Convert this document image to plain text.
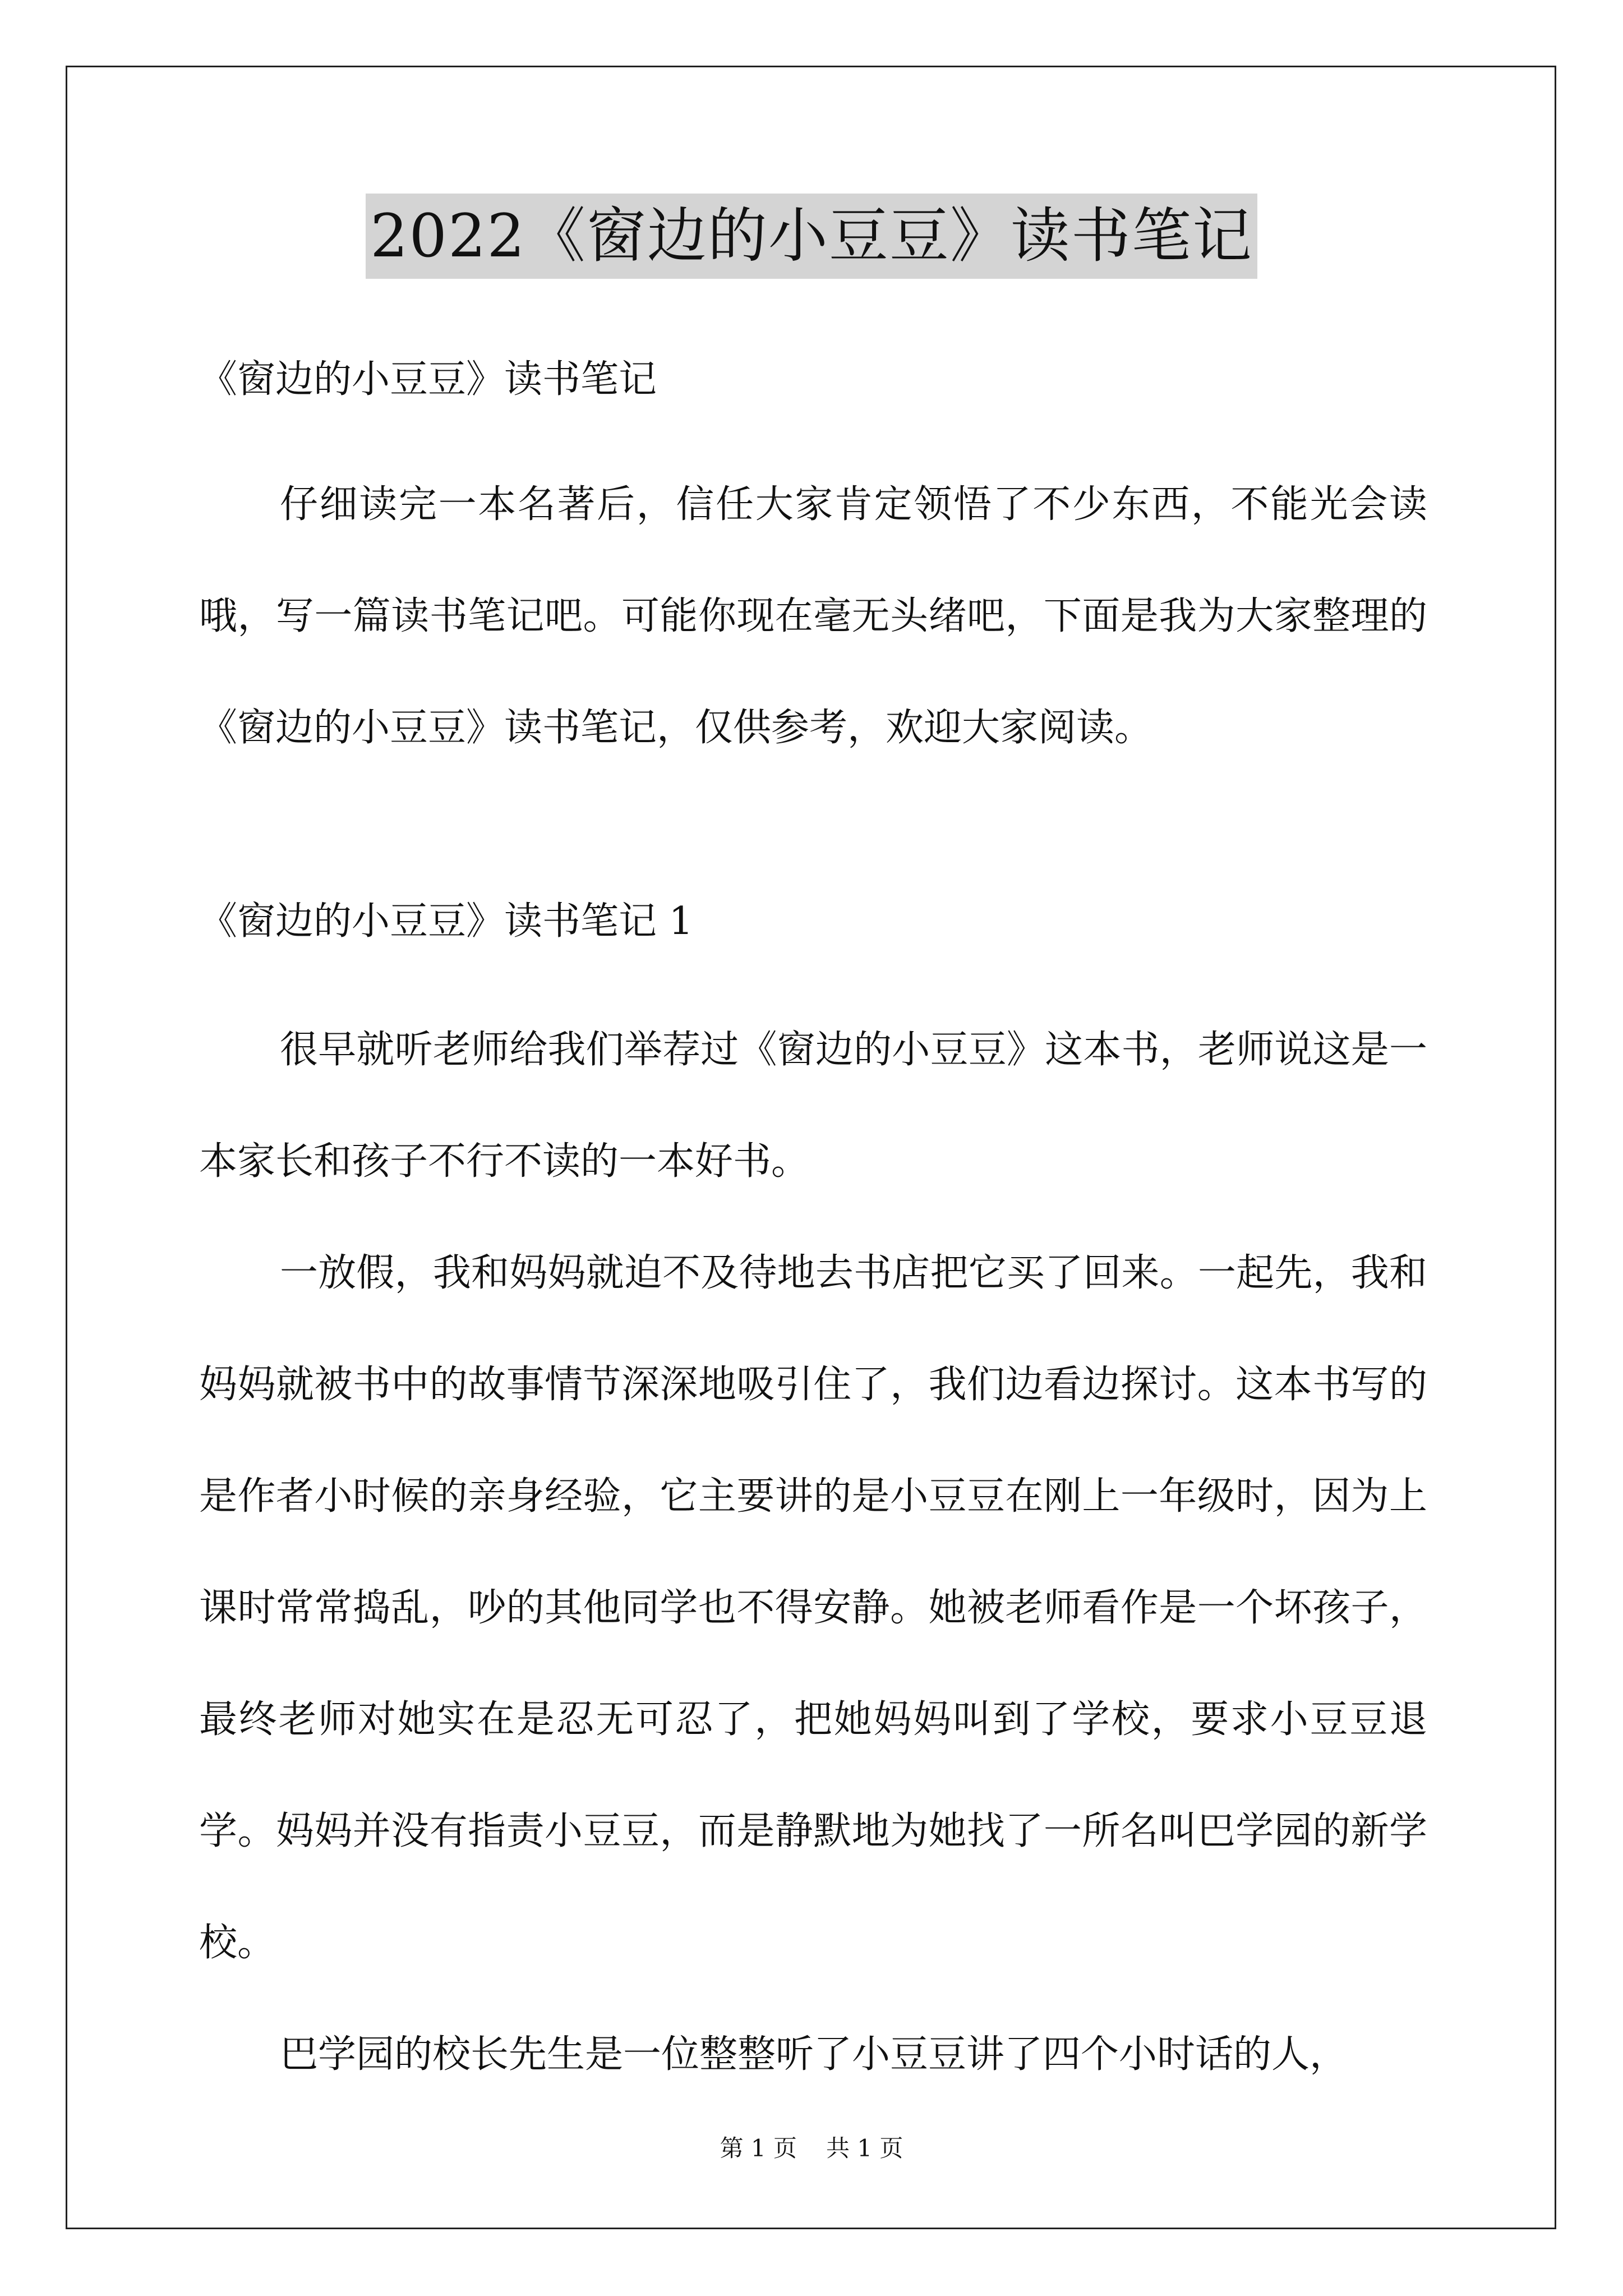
2022《窗边的小豆豆》读书笔记

《窗边的小豆豆》读书笔记

仔细读完一本名著后，信任大家肯定领悟了不少东西，不能光会读哦，写一篇读书笔记吧。可能你现在毫无头绪吧，下面是我为大家整理的《窗边的小豆豆》读书笔记，仅供参考，欢迎大家阅读。

《窗边的小豆豆》读书笔记 1

很早就听老师给我们举荐过《窗边的小豆豆》这本书，老师说这是一本家长和孩子不行不读的一本好书。

一放假，我和妈妈就迫不及待地去书店把它买了回来。一起先，我和妈妈就被书中的故事情节深深地吸引住了，我们边看边探讨。这本书写的是作者小时候的亲身经验，它主要讲的是小豆豆在刚上一年级时，因为上课时常常捣乱，吵的其他同学也不得安静。她被老师看作是一个坏孩子，最终老师对她实在是忍无可忍了，把她妈妈叫到了学校，要求小豆豆退学。妈妈并没有指责小豆豆，而是静默地为她找了一所名叫巴学园的新学校。

巴学园的校长先生是一位整整听了小豆豆讲了四个小时话的人，

第 1 页 共 1 页
